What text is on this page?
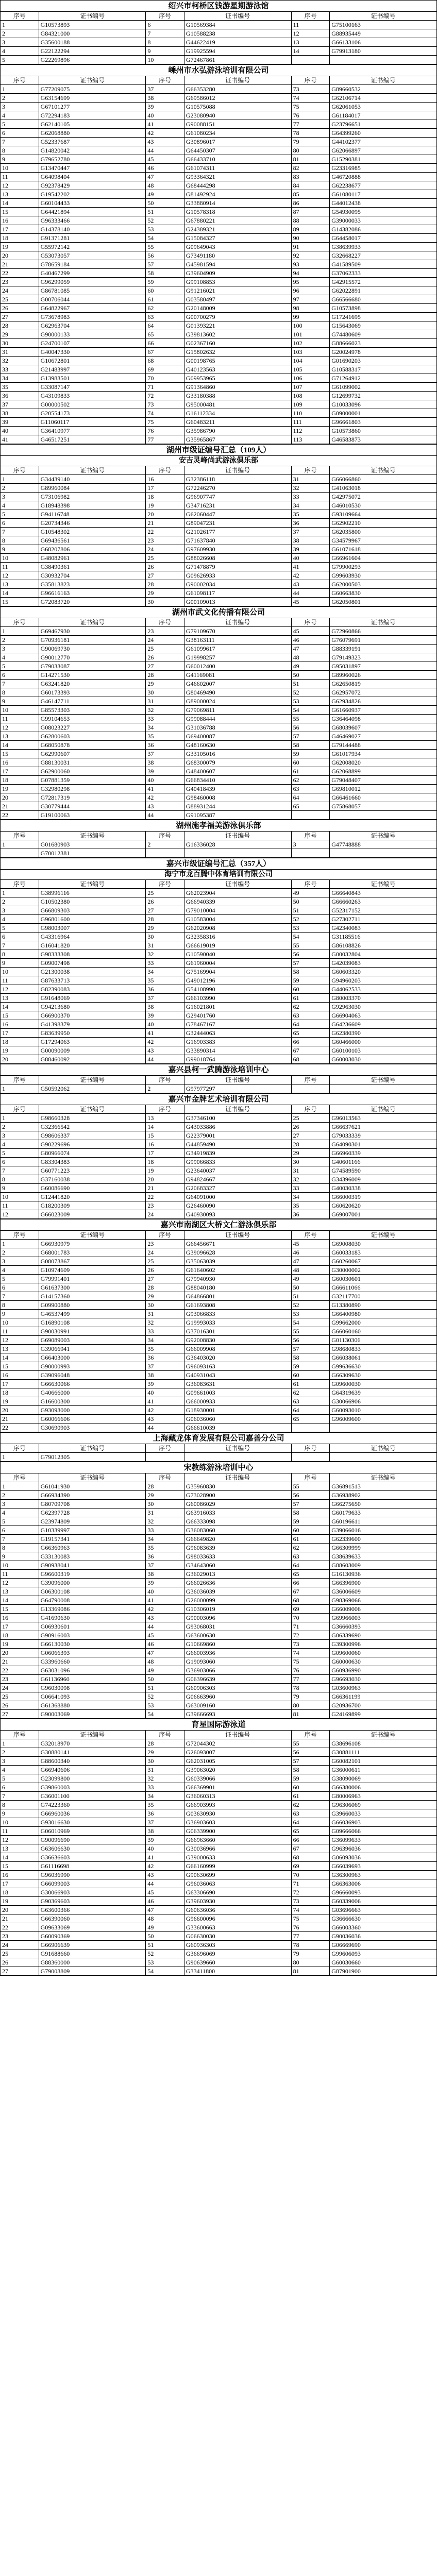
绍兴市柯桥区钱游星期游泳馆
序号	证书编号	序号	证书编号	序号	证书编号
1	G10573893	6	G10569384	11	G75100163
2	G84321000	7	G10588238	12	G88935449
3	G35600188	8	G44622419	13	G66133106
4	G22122294	9	G19925594	14	G79913180
5	G22269896	10	G72467861		
嵊州市水弘游泳培训有限公司
序号	证书编号	序号	证书编号	序号	证书编号
1	G77209075	37	G66353280	73	G89660532
2	G63154699	38	G69586012	74	G62106714
3	G67101277	39	G10575088	75	G62061053
4	G72294183	40	G23080940	76	G61184017
5	G62140105	41	G90088151	77	G23796651
6	G62068880	42	G61080234	78	G64399260
7	G52337687	43	G30896017	79	G44102377
8	G14820042	44	G64450307	80	G62066897
9	G79652780	45	G66433710	81	G15290381
10	G13470447	46	G61074311	82	G23316985
11	G64098404	47	G93364321	83	G46720888
12	G92378429	48	G68444298	84	G62238677
13	G19542202	49	G81492924	85	G61080117
14	G60104433	50	G33880914	86	G44012438
15	G64421894	51	G10578318	87	G54930095
16	G96333466	52	G67880221	88	G39000033
17	G14378140	53	G24389321	89	G14382086
18	G91371281	54	G15084327	90	G64458017
19	G55972142	55	G09649043	91	G38639933
20	G53073057	56	G73491180	92	G32668227
21	G78659184	57	G45981594	93	G41589509
22	G40467299	58	G39604909	94	G37062333
23	G96299059	59	G99108853	95	G42915572
24	G86781085	60	G91216021	96	G62022891
25	G00706044	61	G03580497	97	G66566680
26	G64822967	62	G20148009	98	G10573898
27	G73678983	63	G00700279	99	G17241695
28	G62963704	64	G01393221	100	G15643069
29	G90000133	65	G39813602	101	G74480609
30	G24700107	66	G02367160	102	G88666023
31	G40047330	67	G15802632	103	G20024978
32	G10672801	68	G00198765	104	G01690203
33	G21483997	69	G40123563	105	G10588317
34	G13983501	70	G09953965	106	G71264912
35	G33087147	71	G91364860	107	G61099002
36	G43109833	72	G33180388	108	G12699732
37	G00000502	73	G95000481	109	G10033096
38	G20554173	74	G16112334	110	G09000001
39	G11060117	75	G60483211	111	G96661803
40	G36410977	76	G35986790	112	G10573860
41	G46517251	77	G35965867	113	G46583873
湖州市级证编号汇总（109人）
安吉灵峰尚武游泳俱乐部
序号	证书编号	序号	证书编号	序号	证书编号
1	G34439140	16	G32386118	31	G66066860
2	G89960084	17	G72246270	32	G41063018
3	G73106982	18	G96907747	33	G42975072
4	G18948398	19	G34716231	34	G46010530
5	G94116748	20	G62060447	35	G93109664
6	G20734346	21	G89047231	36	G62902210
7	G10548302	22	G21026177	37	G62035800
8	G69436561	23	G71637840	38	G34579967
9	G68207806	24	G97609930	39	G61071618
10	G48082961	25	G88026608	40	G66961604
11	G38490361	26	G71478879	41	G79900293
12	G30932704	27	G09626933	42	G99603930
13	G35813823	28	G90002034	43	G62000503
14	G96616163	29	G61098117	44	G60663830
15	G72083720	30	G00109013	45	G62050801
湖州市武文化传播有限公司
序号	证书编号	序号	证书编号	序号	证书编号
1	G69467930	23	G79109670	45	G72960866
2	G70936181	24	G38163111	46	G76079691
3	G90069730	25	G61099617	47	G88339191
4	G90012770	26	G19998257	48	G79149323
5	G79033087	27	G60012400	49	G95031897
6	G14271530	28	G41169081	50	G89960026
7	G63241820	29	G46602007	51	G62650819
8	G60173393	30	G80469490	52	G62957072
9	G46147711	31	G89000024	53	G62934826
10	G85573303	32	G79069811	54	G61660937
11	G99104653	33	G99088444	55	G36464098
12	G08023227	34	G31036788	56	G68039607
13	G62800603	35	G69400087	57	G46469027
14	G68050878	36	G48160630	58	G79144488
15	G62990607	37	G33105016	59	G61017934
16	G88130031	38	G68300079	60	G62008020
17	G62900060	39	G48400607	61	G62068899
18	G07881359	40	G66834410	62	G79048407
19	G32980298	41	G40418439	63	G69810012
20	G72817319	42	G98460008	64	G66461660
21	G30779444	43	G88931244	65	G75868057
22	G19100063	44	G91095387		
湖州施孝福美游泳俱乐部
序号	证书编号	序号	证书编号	序号	证书编号
1	G01680903	2	G16336028	3	G47748888
	G70012381				
嘉兴市级证编号汇总（357人）
海宁市龙百腾中体育培训有限公司
序号	证书编号	序号	证书编号	序号	证书编号
1	G38996116	25	G62023904	49	G66640843
2	G10502380	26	G66940339	50	G66660263
3	G66809303	27	G79010004	51	G52317152
4	G96801600	28	G10583004	52	G27302711
5	G98003007	29	G62020908	53	G42340083
6	G43316964	30	G32358316	54	G31185516
7	G16041820	31	G66619019	55	G86108826
8	G98333308	32	G10590040	56	G00032804
9	G09007498	33	G61960004	57	G42039083
10	G21300038	34	G75169904	58	G60603320
11	G87633713	35	G49012196	59	G94960203
12	G82390083	36	G54108990	60	G44062533
13	G91648069	37	G66103990	61	G80003370
14	G94213680	38	G16021801	62	G92963030
15	G66900370	39	G29401760	63	G66904063
16	G41398379	40	G78467167	64	G64236609
17	G83639950	41	G32444063	65	G62380390
18	G17294063	42	G16903383	66	G60466000
19	G00090009	43	G33890314	67	G60100103
20	G88460092	44	G99018764	68	G60003030
嘉兴县柯一武腾游泳培训中心
序号	证书编号	序号	证书编号	序号	证书编号
1	G50592062	2	G97977297		
嘉兴市金牌艺术培训有限公司
序号	证书编号	序号	证书编号	序号	证书编号
1	G98660328	13	G37346100	25	G96013563
2	G32366542	14	G43033886	26	G66637621
3	G98606337	15	G22379001	27	G79033339
4	G90229696	16	G44859490	28	G64090301
5	G80966074	17	G34919839	29	G66960339
6	G83304383	18	G99066833	30	G40601166
7	G60771223	19	G23640037	31	G74589590
8	G37160038	20	G94824667	32	G34396009
9	G60086690	21	G20683327	33	G40030338
10	G12441820	22	G64091000	34	G66000319
11	G18200309	23	G26460090	35	G60620620
12	G66023009	24	G40930093	36	G69007001
嘉兴市南湖区大桥文仁游泳俱乐部
序号	证书编号	序号	证书编号	序号	证书编号
1	G66930979	23	G66456671	45	G69008030
2	G68001783	24	G39096628	46	G60033183
3	G08073867	25	G35063039	47	G60260067
4	G10974609	26	G61640602	48	G30000002
5	G79991401	27	G79940930	49	G60030601
6	G61637300	28	G88040180	50	G66611066
7	G14157360	29	G64866801	51	G32117700
8	G09900880	30	G61693808	52	G13380890
9	G46537499	31	G93066833	53	G66400980
10	G16890108	32	G19993033	54	G99662000
11	G90030991	33	G37016301	55	G66060160
12	G69089003	34	G92008830	56	G01130306
13	G39066941	35	G66009908	57	G98680833
14	G66403000	36	G36403020	58	G66038061
15	G90000993	37	G96093163	59	G99636630
16	G39096048	38	G40931043	60	G66309630
17	G66630066	39	G36083631	61	G09600030
18	G40666000	40	G09661003	62	G64319639
19	G16600300	41	G66000933	63	G30066906
20	G93093000	42	G18930001	64	G60093010
21	G60066606	43	G06036060	65	G96009600
22	G30690903	44	G66610039		
上海藏龙体育发展有限公司嘉善分公司
序号	证书编号	序号	证书编号	序号	证书编号
1	G79012305				
宋教练游泳培训中心
序号	证书编号	序号	证书编号	序号	证书编号
1	G61041930	28	G35960830	55	G36891513
2	G66934390	29	G73028900	56	G36938902
3	G80709708	30	G60086029	57	G66275650
4	G62397728	31	G63916033	58	G60179633
5	G23974809	32	G66333098	59	G60196611
6	G10339997	33	G36083060	60	G39066016
7	G19157341	34	G66649820	61	G62339600
8	G66360963	35	G96083639	62	G66309999
9	G33130083	36	G98033633	63	G38639633
10	G90938041	37	G34643060	64	G88603009
11	G96600319	38	G36029013	65	G16130936
12	G39096000	39	G66026636	66	G66396900
13	G06300108	40	G36036039	67	G36006609
14	G64790008	41	G26000099	68	G98369066
15	G13369086	42	G10306019	69	G66009006
16	G41690630	43	G90003096	70	G69966003
17	G06930601	44	G93068031	71	G36660393
18	G90916003	45	G63600630	72	G06339690
19	G66130030	46	G10669860	73	G39300996
20	G06066393	47	G66003936	74	G09600060
21	G33960660	48	G19093060	75	G60000630
22	G63031096	49	G36903066	76	G60936990
23	G61136960	50	G06396639	77	G96693030
24	G96030098	51	G60906303	78	G03600963
25	G06641093	52	G06663960	79	G66361199
26	G61368880	53	G63009160	80	G20936700
27	G90003069	54	G39666693	81	G24169899
育星国际游泳道
序号	证书编号	序号	证书编号	序号	证书编号
1	G32018970	28	G72044302	55	G38696108
2	G30880141	29	G26093007	56	G30881111
3	G88600340	30	G62031005	57	G60082101
4	G66940606	31	G39063020	58	G36000611
5	G23099800	32	G60339066	59	G38090069
6	G39860003	33	G66369901	60	G66380006
7	G36001100	34	G36060313	61	G80006963
8	G74223360	35	G66903993	62	G96306069
9	G66960036	36	G03630930	63	G39660033
10	G93016630	37	G36903603	64	G66036903
11	G06010969	38	G06339900	65	G09666066
12	G90096690	39	G66963660	66	G36099633
13	G63606630	40	G30036966	67	G96396036
14	G36636603	41	G39000633	68	G06093036
15	G61116698	42	G66160999	69	G66039693
16	G96036990	43	G90630699	70	G36300963
17	G66099003	44	G96036063	71	G66363006
18	G30066903	45	G63306690	72	G96660093
19	G90369603	46	G39603930	73	G60339006
20	G63600366	47	G60636036	74	G03696663
21	G66390060	48	G96600096	75	G36666630
22	G09633069	49	G33600663	76	G66003360
23	G60090369	50	G06630030	77	G90036036
24	G66906639	51	G60936303	78	G06669690
25	G91688660	52	G36696069	79	G99606093
26	G88360000	53	G90639660	80	G60030660
27	G79003809	54	G33411800	81	G87901900
